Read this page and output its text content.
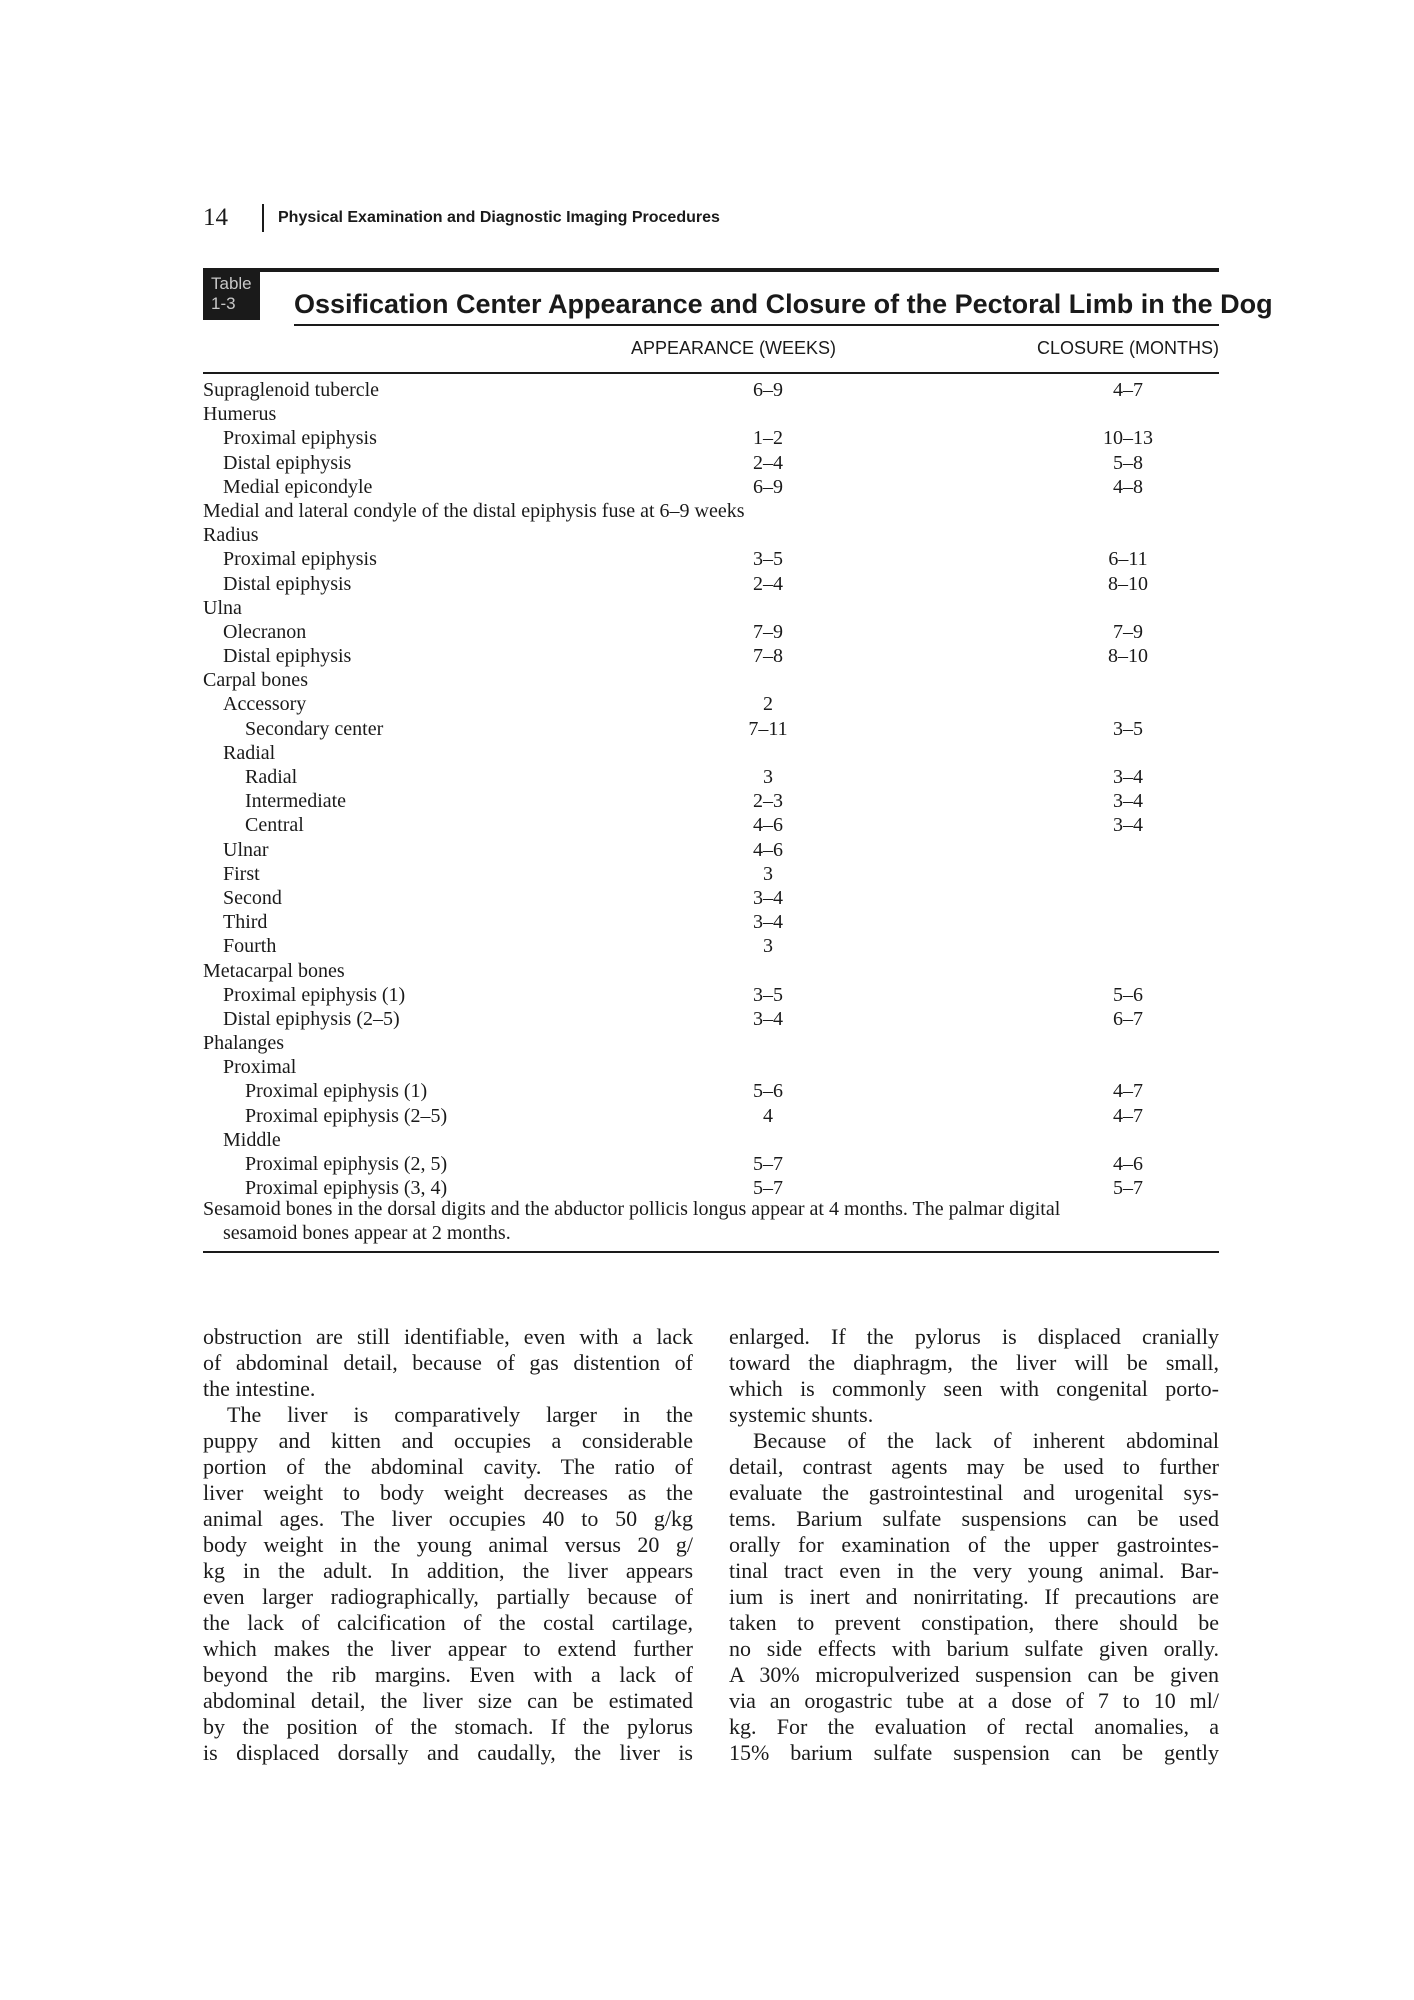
14	Physical Examination and Diagnostic Imaging Procedures
Table
1-3	Ossification Center Appearance and Closure of the Pectoral Limb in the Dog
APPEARANCE (WEEKS)	CLOSURE (MONTHS)
Supraglenoid tubercle	6–9	4–7
Humerus
Proximal epiphysis	1–2	10–13
Distal epiphysis	2–4	5–8
Medial epicondyle	6–9	4–8
Medial and lateral condyle of the distal epiphysis fuse at 6–9 weeks
Radius
Proximal epiphysis	3–5	6–11
Distal epiphysis	2–4	8–10
Ulna
Olecranon	7–9	7–9
Distal epiphysis	7–8	8–10
Carpal bones
Accessory	2
Secondary center	7–11	3–5
Radial
Radial	3	3–4
Intermediate	2–3	3–4
Central	4–6	3–4
Ulnar	4–6
First	3
Second	3–4
Third	3–4
Fourth	3
Metacarpal bones
Proximal epiphysis (1)	3–5	5–6
Distal epiphysis (2–5)	3–4	6–7
Phalanges
Proximal
Proximal epiphysis (1)	5–6	4–7
Proximal epiphysis (2–5)	4	4–7
Middle
Proximal epiphysis (2, 5)	5–7	4–6
Proximal epiphysis (3, 4)	5–7	5–7
Sesamoid bones in the dorsal digits and the abductor pollicis longus appear at 4 months. The palmar digital
sesamoid bones appear at 2 months.
obstruction are still identifiable, even with a lack
of abdominal detail, because of gas distention of
the intestine.
The liver is comparatively larger in the
puppy and kitten and occupies a considerable
portion of the abdominal cavity. The ratio of
liver weight to body weight decreases as the
animal ages. The liver occupies 40 to 50 g/kg
body weight in the young animal versus 20 g/
kg in the adult. In addition, the liver appears
even larger radiographically, partially because of
the lack of calcification of the costal cartilage,
which makes the liver appear to extend further
beyond the rib margins. Even with a lack of
abdominal detail, the liver size can be estimated
by the position of the stomach. If the pylorus
is displaced dorsally and caudally, the liver is
enlarged. If the pylorus is displaced cranially
toward the diaphragm, the liver will be small,
which is commonly seen with congenital porto-
systemic shunts.
Because of the lack of inherent abdominal
detail, contrast agents may be used to further
evaluate the gastrointestinal and urogenital sys-
tems. Barium sulfate suspensions can be used
orally for examination of the upper gastrointes-
tinal tract even in the very young animal. Bar-
ium is inert and nonirritating. If precautions are
taken to prevent constipation, there should be
no side effects with barium sulfate given orally.
A 30% micropulverized suspension can be given
via an orogastric tube at a dose of 7 to 10 ml/
kg. For the evaluation of rectal anomalies, a
15% barium sulfate suspension can be gently
